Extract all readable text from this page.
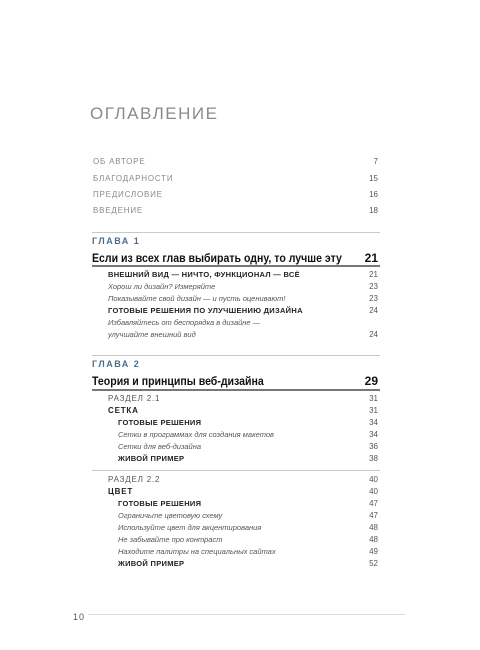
ОГЛАВЛЕНИЕ
ОБ АВТОРЕ	7
БЛАГОДАРНОСТИ	15
ПРЕДИСЛОВИЕ	16
ВВЕДЕНИЕ	18
ГЛАВА 1
Если из всех глав выбирать одну, то лучше эту 21
ВНЕШНИЙ ВИД — НИЧТО, ФУНКЦИОНАЛ — ВСЁ	21
Хорош ли дизайн? Измеряйте	23
Показывайте свой дизайн — и пусть оценивают!	23
ГОТОВЫЕ РЕШЕНИЯ ПО УЛУЧШЕНИЮ ДИЗАЙНА	24
Избавляйтесь от беспорядка в дизайне —
улучшайте внешний вид	24
ГЛАВА 2
Теория и принципы веб-дизайна	29
РАЗДЕЛ 2.1	31
СЕТКА	31
ГОТОВЫЕ РЕШЕНИЯ	34
Сетки в программах для создания макетов	34
Сетки для веб-дизайна	36
ЖИВОЙ ПРИМЕР	38
РАЗДЕЛ 2.2	40
ЦВЕТ	40
ГОТОВЫЕ РЕШЕНИЯ	47
Ограничьте цветовую схему	47
Используйте цвет для акцентирования	48
Не забывайте про контраст	48
Находите палитры на специальных сайтах	49
ЖИВОЙ ПРИМЕР	52
10
